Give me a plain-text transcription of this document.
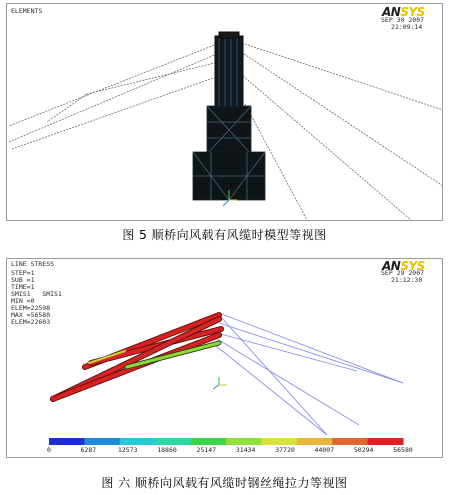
ELEMENTS	ANSYS
SEP 30 2007
21:09:14
图 5 顺桥向风载有风缆时模型等视图
LINE STRESS
STEP=1
SUB =1
TIME=1
SMIS1   SMIS1
MIN =0
ELEM=22598
MAX =56580
ELEM=22603
ANSYS
SEP 29 2007
21:12:30
0	6287	12573	18860	25147	31434	37720	44007	50294	56580
图 六 顺桥向风载有风缆时钢丝绳拉力等视图
